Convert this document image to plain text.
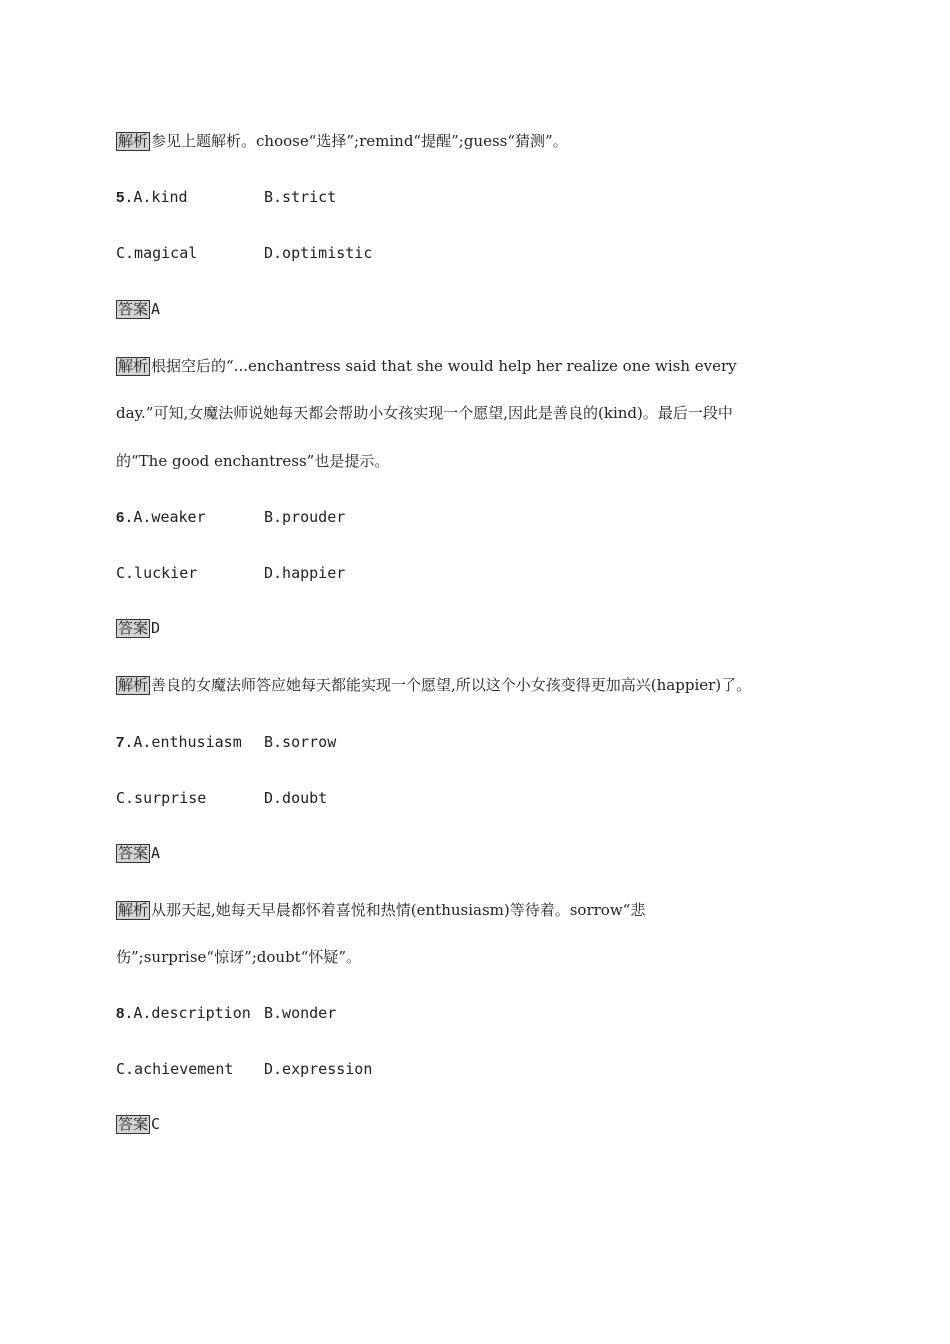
解析 参见上题解析。choose“选择”;remind“提醒”;guess“猜测”。
5.A.kind	B.strict
C.magical	D.optimistic
答案 A
解析 根据空后的“...enchantress said that she would help her realize one wish every
day.”可知,女魔法师说她每天都会帮助小女孩实现一个愿望,因此是善良的(kind)。最后一段中
的“The good enchantress”也是提示。
6.A.weaker	B.prouder
C.luckier	D.happier
答案 D
解析 善良的女魔法师答应她每天都能实现一个愿望,所以这个小女孩变得更加高兴(happier)了。
7.A.enthusiasm B.sorrow
C.surprise	D.doubt
答案 A
解析 从那天起,她每天早晨都怀着喜悦和热情(enthusiasm)等待着。sorrow“悲
伤”;surprise“惊讶”;doubt“怀疑”。
8.A.description B.wonder
C.achievement D.expression
答案 C
